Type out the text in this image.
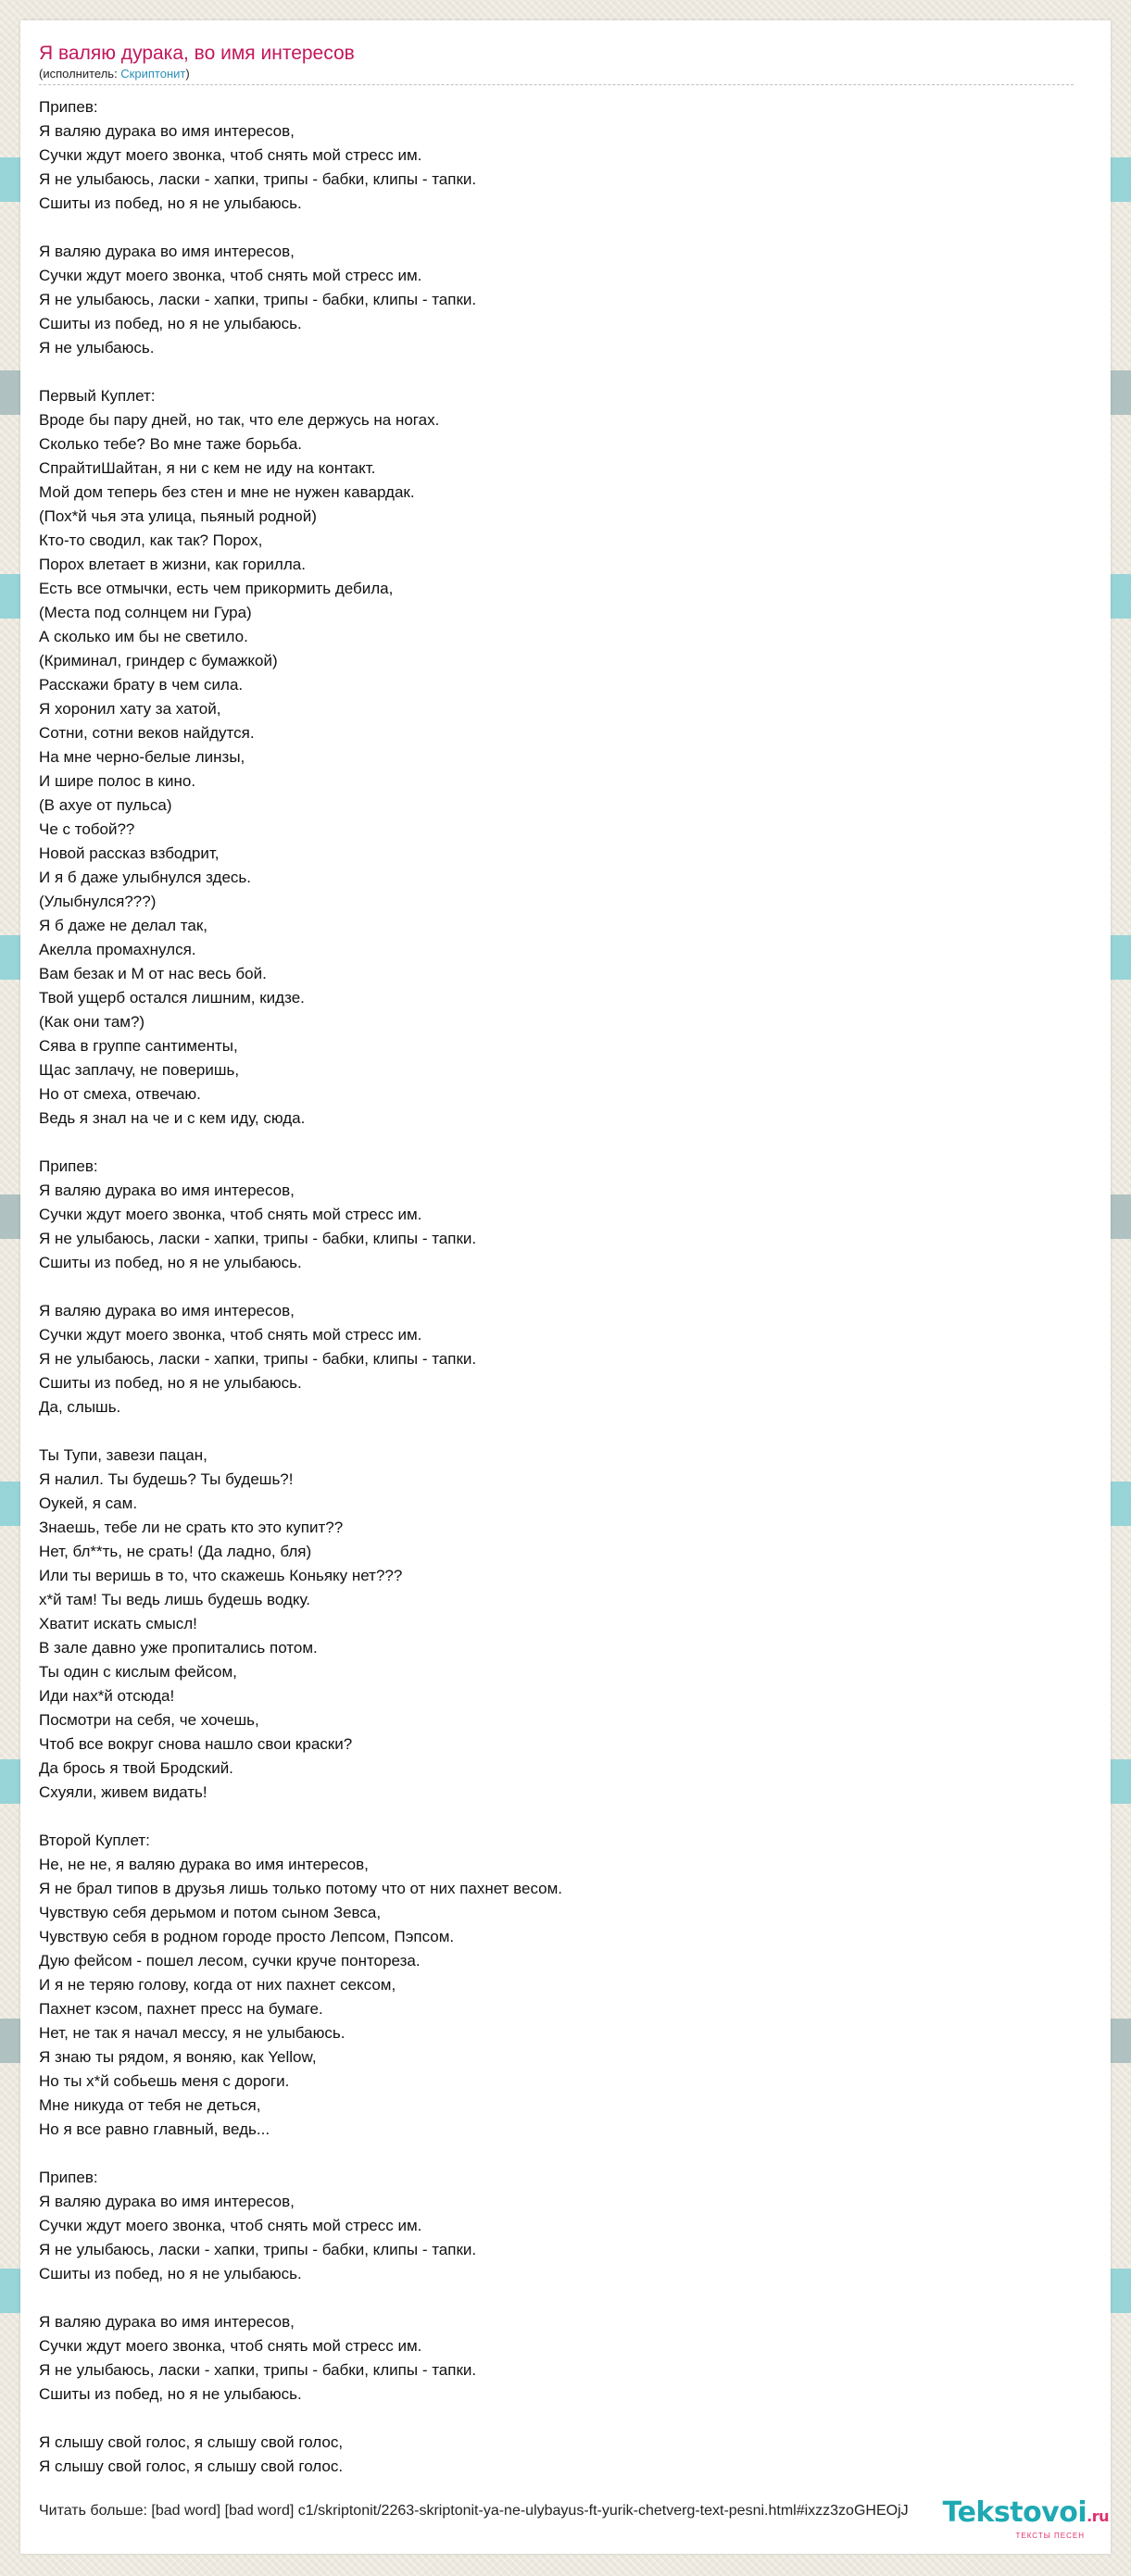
Я валяю дурака, во имя интересов
(исполнитель: Скриптонит)
Припев:
Я валяю дурака во имя интересов,
Сучки ждут моего звонка, чтоб снять мой стресс им.
Я не улыбаюсь, ласки - хапки, трипы - бабки, клипы - тапки.
Сшиты из побед, но я не улыбаюсь.
Я валяю дурака во имя интересов,
Сучки ждут моего звонка, чтоб снять мой стресс им.
Я не улыбаюсь, ласки - хапки, трипы - бабки, клипы - тапки.
Сшиты из побед, но я не улыбаюсь.
Я не улыбаюсь.
Первый Куплет:
Вроде бы пару дней, но так, что еле держусь на ногах.
Сколько тебе? Во мне таже борьба.
СпрайтиШайтан, я ни с кем не иду на контакт.
Мой дом теперь без стен и мне не нужен кавардак.
(Пох*й чья эта улица, пьяный родной)
Кто-то сводил, как так? Порох,
Порох влетает в жизни, как горилла.
Есть все отмычки, есть чем прикормить дебила,
(Места под солнцем ни Гура)
А сколько им бы не светило.
(Криминал, гриндер с бумажкой)
Расскажи брату в чем сила.
Я хоронил хату за хатой,
Сотни, сотни веков найдутся.
На мне черно-белые линзы,
И шире полос в кино.
(В ахуе от пульса)
Че с тобой??
Новой рассказ взбодрит,
И я б даже улыбнулся здесь.
(Улыбнулся???)
Я б даже не делал так,
Акелла промахнулся.
Вам безак и М от нас весь бой.
Твой ущерб остался лишним, кидзе.
(Как они там?)
Сява в группе сантименты,
Щас заплачу, не поверишь,
Но от смеха, отвечаю.
Ведь я знал на че и с кем иду, сюда.
Припев:
Я валяю дурака во имя интересов,
Сучки ждут моего звонка, чтоб снять мой стресс им.
Я не улыбаюсь, ласки - хапки, трипы - бабки, клипы - тапки.
Сшиты из побед, но я не улыбаюсь.
Я валяю дурака во имя интересов,
Сучки ждут моего звонка, чтоб снять мой стресс им.
Я не улыбаюсь, ласки - хапки, трипы - бабки, клипы - тапки.
Сшиты из побед, но я не улыбаюсь.
Да, слышь.
Ты Тупи, завези пацан,
Я налил. Ты будешь? Ты будешь?!
Оукей, я сам.
Знаешь, тебе ли не срать кто это купит??
Нет, бл**ть, не срать! (Да ладно, бля)
Или ты веришь в то, что скажешь Коньяку нет???
х*й там! Ты ведь лишь будешь водку.
Хватит искать смысл!
В зале давно уже пропитались потом.
Ты один с кислым фейсом,
Иди нах*й отсюда!
Посмотри на себя, че хочешь,
Чтоб все вокруг снова нашло свои краски?
Да брось я твой Бродский.
Схуяли, живем видать!
Второй Куплет:
Не, не не, я валяю дурака во имя интересов,
Я не брал типов в друзья лишь только потому что от них пахнет весом.
Чувствую себя дерьмом и потом сыном Зевса,
Чувствую себя в родном городе просто Лепсом, Пэпсом.
Дую фейсом - пошел лесом, сучки круче понтореза.
И я не теряю голову, когда от них пахнет сексом,
Пахнет кэсом, пахнет пресс на бумаге.
Нет, не так я начал мессу, я не улыбаюсь.
Я знаю ты рядом, я воняю, как Yellow,
Но ты х*й собьешь меня с дороги.
Мне никуда от тебя не деться,
Но я все равно главный, ведь...
Припев:
Я валяю дурака во имя интересов,
Сучки ждут моего звонка, чтоб снять мой стресс им.
Я не улыбаюсь, ласки - хапки, трипы - бабки, клипы - тапки.
Сшиты из побед, но я не улыбаюсь.
Я валяю дурака во имя интересов,
Сучки ждут моего звонка, чтоб снять мой стресс им.
Я не улыбаюсь, ласки - хапки, трипы - бабки, клипы - тапки.
Сшиты из побед, но я не улыбаюсь.
Я слышу свой голос, я слышу свой голос,
Я слышу свой голос, я слышу свой голос.
Читать больше: [bad word] [bad word] c1/skriptonit/2263-skriptonit-ya-ne-ulybayus-ft-yurik-chetverg-text-pesni.html#ixzz3zoGHEOjJ	Tekstovoi.ru
ТЕКСТЫ ПЕСЕН
